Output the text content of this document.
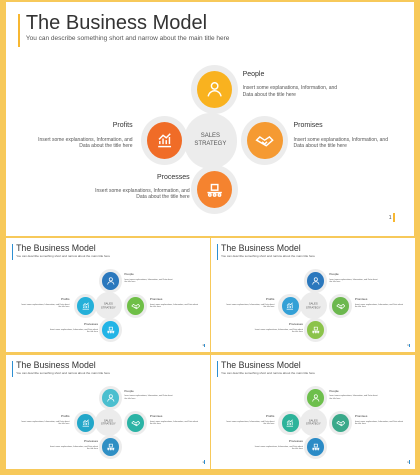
The Business Model
You can describe something short and narrow about the main title here
SALES
STRATEGY
People
Insert some explanations, Information, and Data about the title here
Profits
Insert some explanations, Information, and Data about the title here
Promises
Insert some explanations, Information, and Data about the title here
Processes
Insert some explanations, Information, and Data about the title here
1
The Business Model
You can describe something short and narrow about the main title here
SALES
STRATEGY
People
Insert some explanations, Information, and Data about the title here
Profits
Insert some explanations, Information, and Data about the title here
Promises
Insert some explanations, Information, and Data about the title here
Processes
Insert some explanations, Information, and Data about the title here
1
The Business Model
You can describe something short and narrow about the main title here
SALES
STRATEGY
People
Insert some explanations, Information, and Data about the title here
Profits
Insert some explanations, Information, and Data about the title here
Promises
Insert some explanations, Information, and Data about the title here
Processes
Insert some explanations, Information, and Data about the title here
1
The Business Model
You can describe something short and narrow about the main title here
SALES
STRATEGY
People
Insert some explanations, Information, and Data about the title here
Profits
Insert some explanations, Information, and Data about the title here
Promises
Insert some explanations, Information, and Data about the title here
Processes
Insert some explanations, Information, and Data about the title here
1
The Business Model
You can describe something short and narrow about the main title here
SALES
STRATEGY
People
Insert some explanations, Information, and Data about the title here
Profits
Insert some explanations, Information, and Data about the title here
Promises
Insert some explanations, Information, and Data about the title here
Processes
Insert some explanations, Information, and Data about the title here
1
